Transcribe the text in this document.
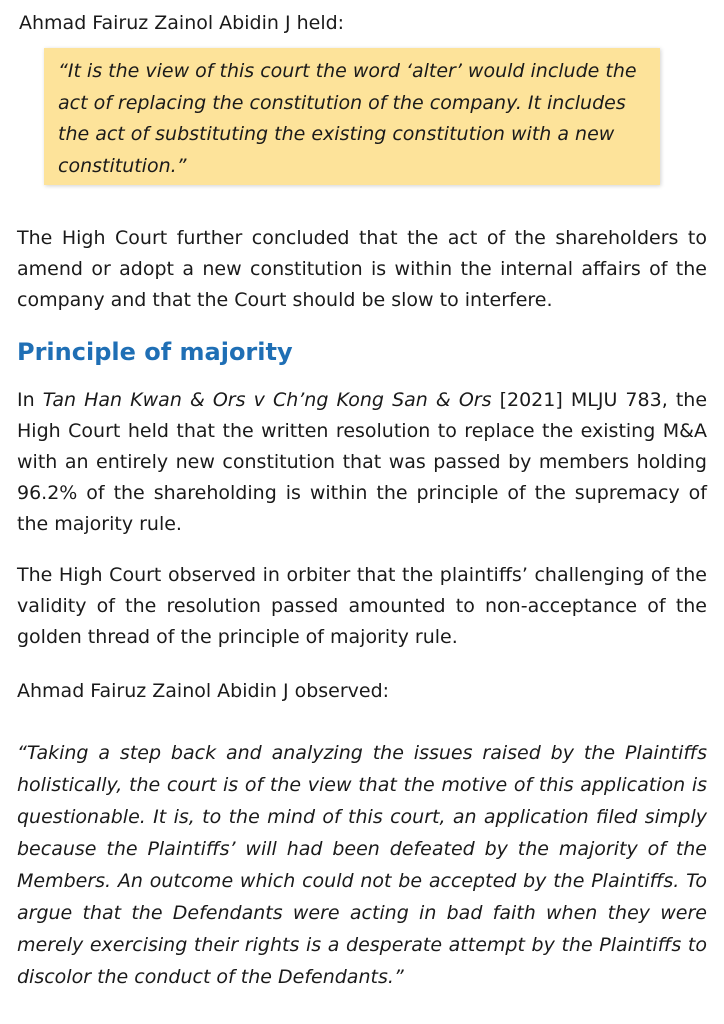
Ahmad Fairuz Zainol Abidin J held:
“It is the view of this court the word ‘alter’ would include the act of replacing the constitution of the company. It includes the act of substituting the existing constitution with a new constitution.”
The High Court further concluded that the act of the shareholders to amend or adopt a new constitution is within the internal affairs of the company and that the Court should be slow to interfere.
Principle of majority
In Tan Han Kwan & Ors v Ch’ng Kong San & Ors [2021] MLJU 783, the High Court held that the written resolution to replace the existing M&A with an entirely new constitution that was passed by members holding 96.2% of the shareholding is within the principle of the supremacy of the majority rule.
The High Court observed in orbiter that the plaintiffs’ challenging of the validity of the resolution passed amounted to non-acceptance of the golden thread of the principle of majority rule.
Ahmad Fairuz Zainol Abidin J observed:
“Taking a step back and analyzing the issues raised by the Plaintiffs holistically, the court is of the view that the motive of this application is questionable. It is, to the mind of this court, an application filed simply because the Plaintiffs’ will had been defeated by the majority of the Members. An outcome which could not be accepted by the Plaintiffs. To argue that the Defendants were acting in bad faith when they were merely exercising their rights is a desperate attempt by the Plaintiffs to discolor the conduct of the Defendants.”
